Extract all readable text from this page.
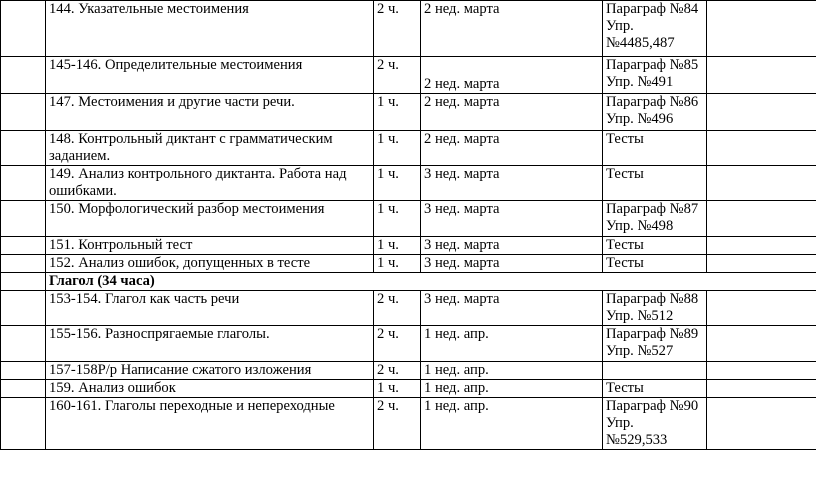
	144. Указательные местоимения	2 ч.	2 нед. марта	Параграф №84
Упр.
№4485,487	

	145-146. Определительные местоимения	2 ч.	2 нед. марта	Параграф №85
Упр. №491	

	147. Местоимения и другие части речи.	1 ч.	2 нед. марта	Параграф №86
Упр. №496	

	148. Контрольный диктант с грамматическим заданием.	1 ч.	2 нед. марта	Тесты	

	149. Анализ контрольного диктанта. Работа над ошибками.	1 ч.	3 нед. марта	Тесты	

	150. Морфологический разбор местоимения	1 ч.	3 нед. марта	Параграф №87
Упр. №498	

	151. Контрольный тест	1 ч.	3 нед. марта	Тесты	

	152. Анализ ошибок, допущенных в тесте	1 ч.	3 нед. марта	Тесты	

	Глагол (34 часа)				
	153-154. Глагол как часть речи	2 ч.	3 нед. марта	Параграф №88
Упр. №512	

	155-156. Разноспрягаемые глаголы.	2 ч.	1 нед. апр.	Параграф №89
Упр. №527	

	157-158Р/р Написание сжатого изложения	2 ч.	1 нед. апр.		
	159. Анализ ошибок	1 ч.	1 нед. апр.	Тесты	

	160-161. Глаголы переходные и непереходные	2 ч.	1 нед. апр.	Параграф №90
Упр.
№529,533	
